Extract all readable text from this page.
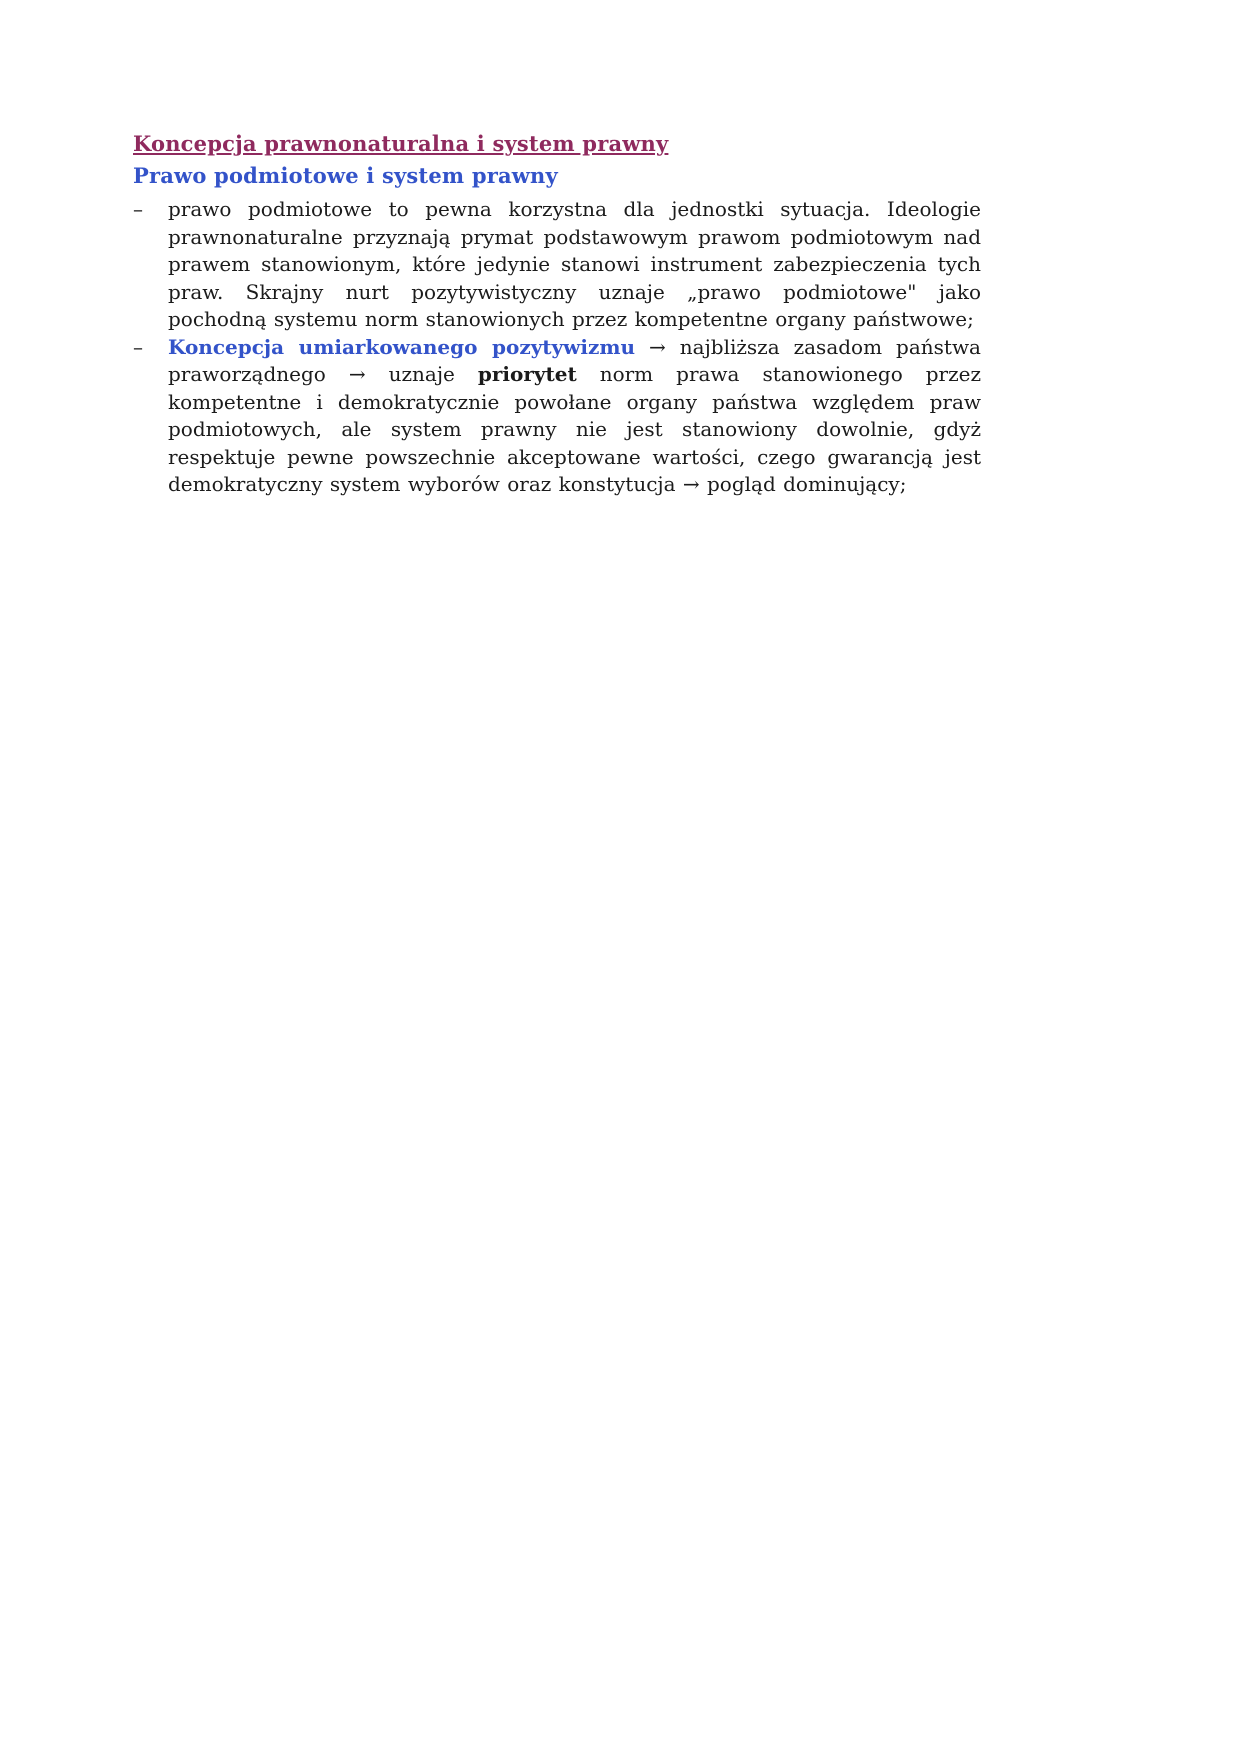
Koncepcja prawnonaturalna i system prawny
Prawo podmiotowe i system prawny
–	prawo podmiotowe to pewna korzystna dla jednostki sytuacja. Ideologie prawnonaturalne przyznają prymat podstawowym prawom podmiotowym nad prawem stanowionym, które jedynie stanowi instrument zabezpieczenia tych praw. Skrajny nurt pozytywistyczny uznaje „prawo podmiotowe" jako pochodną systemu norm stanowionych przez kompetentne organy państwowe;
–	Koncepcja umiarkowanego pozytywizmu → najbliższa zasadom państwa praworządnego → uznaje priorytet norm prawa stanowionego przez kompetentne i demokratycznie powołane organy państwa względem praw podmiotowych, ale system prawny nie jest stanowiony dowolnie, gdyż respektuje pewne powszechnie akceptowane wartości, czego gwarancją jest demokratyczny system wyborów oraz konstytucja → pogląd dominujący;
